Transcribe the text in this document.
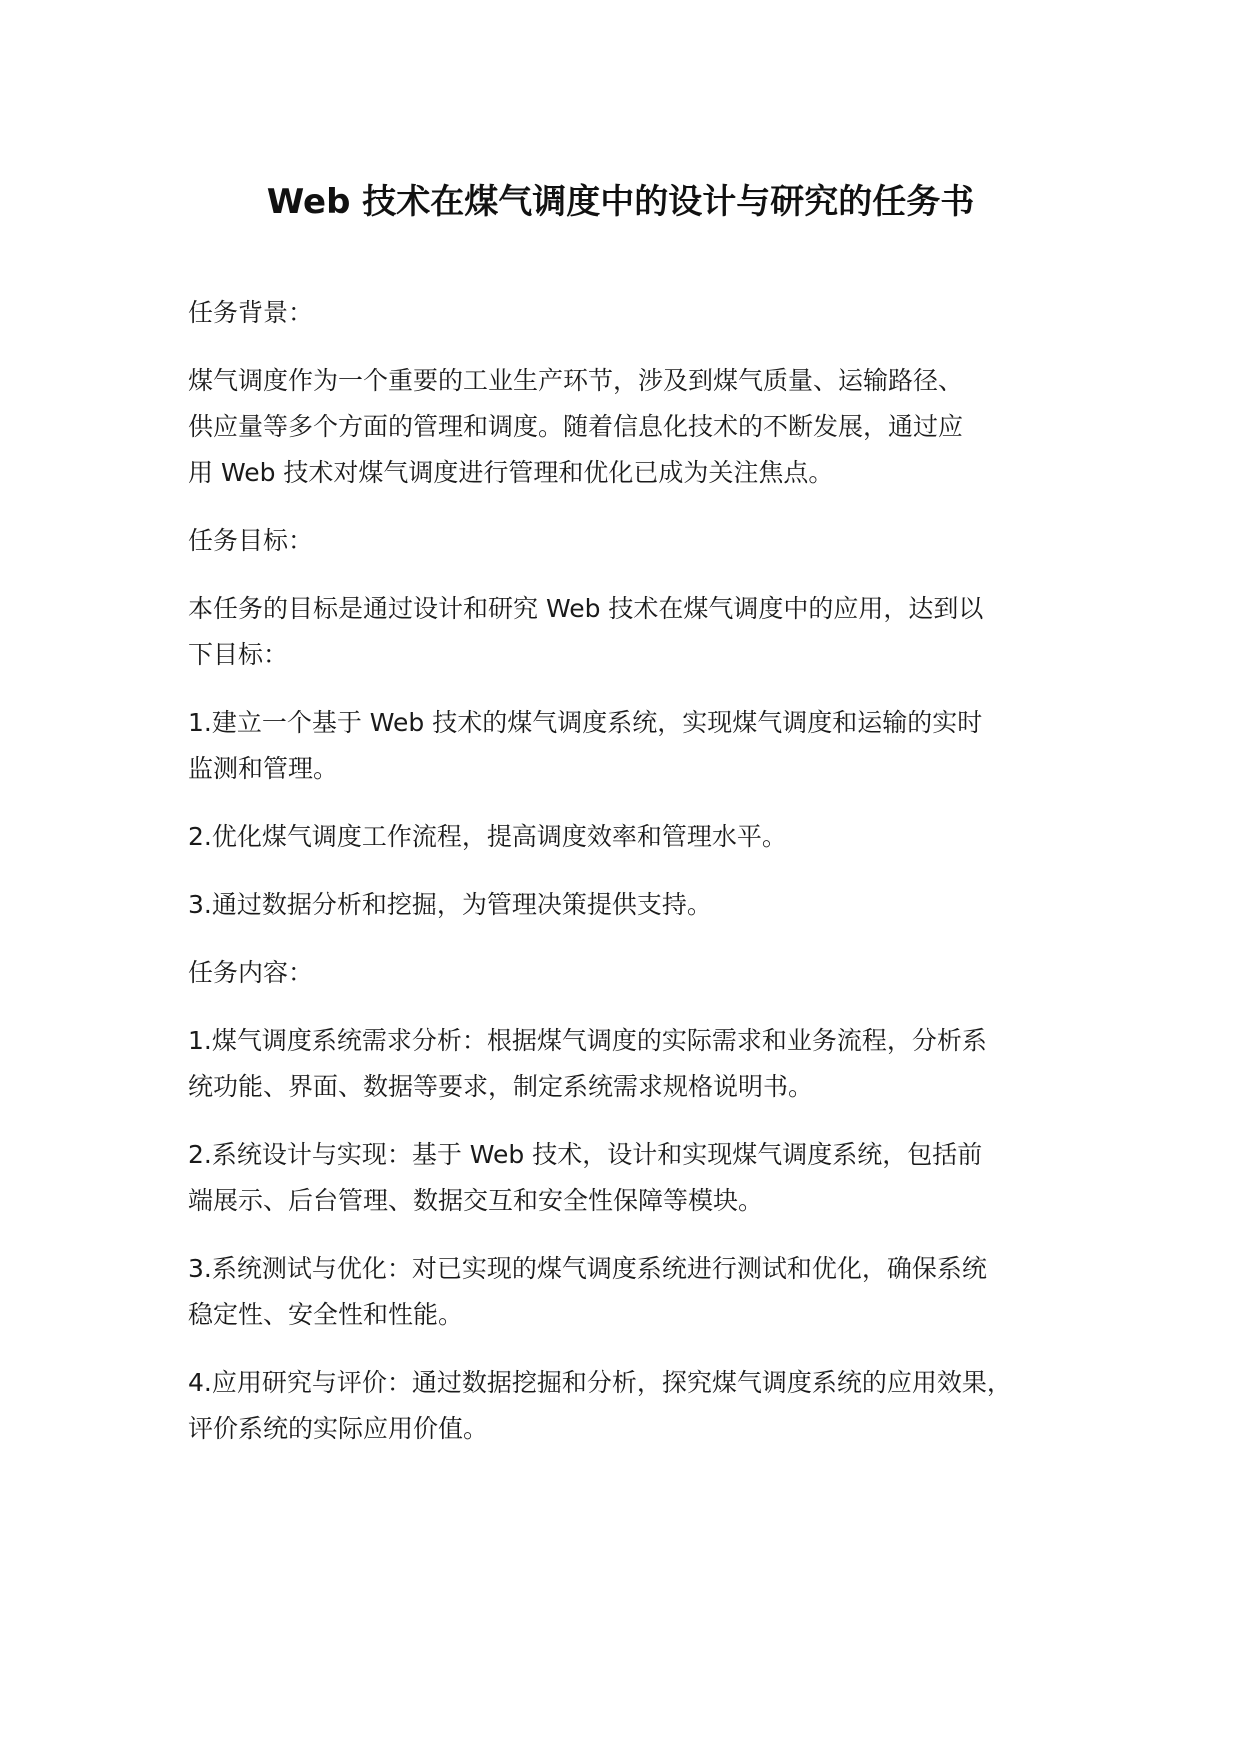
Web 技术在煤气调度中的设计与研究的任务书

任务背景：

煤气调度作为一个重要的工业生产环节，涉及到煤气质量、运输路径、
供应量等多个方面的管理和调度。随着信息化技术的不断发展，通过应
用 Web 技术对煤气调度进行管理和优化已成为关注焦点。

任务目标：

本任务的目标是通过设计和研究 Web 技术在煤气调度中的应用，达到以
下目标：

1.建立一个基于 Web 技术的煤气调度系统，实现煤气调度和运输的实时
监测和管理。

2.优化煤气调度工作流程，提高调度效率和管理水平。

3.通过数据分析和挖掘，为管理决策提供支持。

任务内容：

1.煤气调度系统需求分析：根据煤气调度的实际需求和业务流程，分析系
统功能、界面、数据等要求，制定系统需求规格说明书。

2.系统设计与实现：基于 Web 技术，设计和实现煤气调度系统，包括前
端展示、后台管理、数据交互和安全性保障等模块。

3.系统测试与优化：对已实现的煤气调度系统进行测试和优化，确保系统
稳定性、安全性和性能。

4.应用研究与评价：通过数据挖掘和分析，探究煤气调度系统的应用效果，
评价系统的实际应用价值。
